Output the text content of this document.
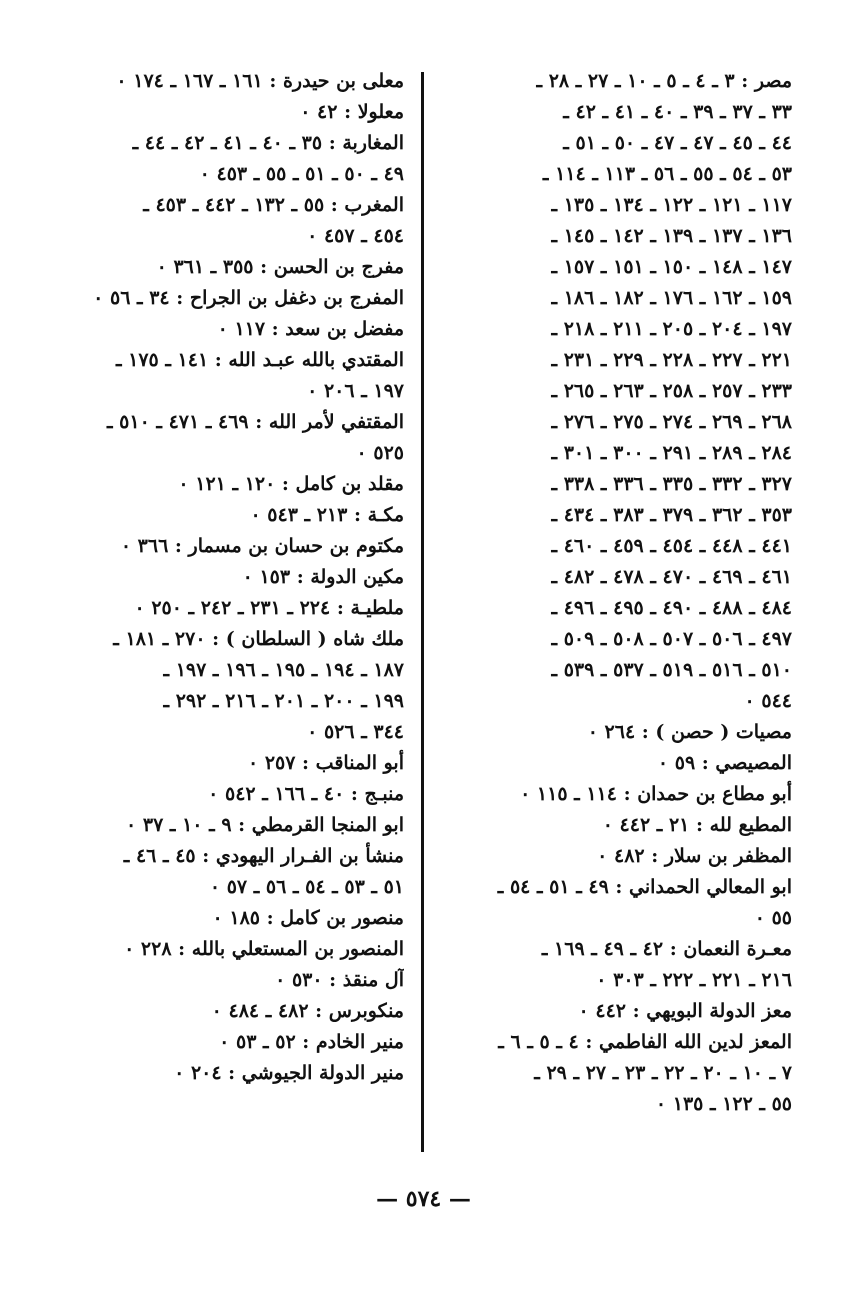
مصر : ٣ ـ ٤ ـ ٥ ـ ١٠ ـ ٢٧ ـ ٢٨ ـ
٣٣ ـ ٣٧ ـ ٣٩ ـ ٤٠ ـ ٤١ ـ ٤٢ ـ
٤٤ ـ ٤٥ ـ ٤٧ ـ ٤٧ ـ ٥٠ ـ ٥١ ـ
٥٣ ـ ٥٤ ـ ٥٥ ـ ٥٦ ـ ١١٣ ـ ١١٤ ـ
١١٧ ـ ١٢١ ـ ١٢٢ ـ ١٣٤ ـ ١٣٥ ـ
١٣٦ ـ ١٣٧ ـ ١٣٩ ـ ١٤٢ ـ ١٤٥ ـ
١٤٧ ـ ١٤٨ ـ ١٥٠ ـ ١٥١ ـ ١٥٧ ـ
١٥٩ ـ ١٦٢ ـ ١٧٦ ـ ١٨٢ ـ ١٨٦ ـ
١٩٧ ـ ٢٠٤ ـ ٢٠٥ ـ ٢١١ ـ ٢١٨ ـ
٢٢١ ـ ٢٢٧ ـ ٢٢٨ ـ ٢٢٩ ـ ٢٣١ ـ
٢٣٣ ـ ٢٥٧ ـ ٢٥٨ ـ ٢٦٣ ـ ٢٦٥ ـ
٢٦٨ ـ ٢٦٩ ـ ٢٧٤ ـ ٢٧٥ ـ ٢٧٦ ـ
٢٨٤ ـ ٢٨٩ ـ ٢٩١ ـ ٣٠٠ ـ ٣٠١ ـ
٣٢٧ ـ ٣٣٢ ـ ٣٣٥ ـ ٣٣٦ ـ ٣٣٨ ـ
٣٥٣ ـ ٣٦٢ ـ ٣٧٩ ـ ٣٨٣ ـ ٤٣٤ ـ
٤٤١ ـ ٤٤٨ ـ ٤٥٤ ـ ٤٥٩ ـ ٤٦٠ ـ
٤٦١ ـ ٤٦٩ ـ ٤٧٠ ـ ٤٧٨ ـ ٤٨٢ ـ
٤٨٤ ـ ٤٨٨ ـ ٤٩٠ ـ ٤٩٥ ـ ٤٩٦ ـ
٤٩٧ ـ ٥٠٦ ـ ٥٠٧ ـ ٥٠٨ ـ ٥٠٩ ـ
٥١٠ ـ ٥١٦ ـ ٥١٩ ـ ٥٣٧ ـ ٥٣٩ ـ
٥٤٤ ٠
مصيات ( حصن ) : ٢٦٤ ٠
المصيصي : ٥٩ ٠
أبو مطاع بن حمدان : ١١٤ ـ ١١٥ ٠
المطيع لله : ٢١ ـ ٤٤٢ ٠
المظفر بن سلار : ٤٨٢ ٠
ابو المعالي الحمداني : ٤٩ ـ ٥١ ـ ٥٤ ـ
٥٥ ٠
معـرة النعمان : ٤٢ ـ ٤٩ ـ ١٦٩ ـ
٢١٦ ـ ٢٢١ ـ ٢٢٢ ـ ٣٠٣ ٠
معز الدولة البويهي : ٤٤٢ ٠
المعز لدين الله الفاطمي : ٤ ـ ٥ ـ ٦ ـ
٧ ـ ١٠ ـ ٢٠ ـ ٢٢ ـ ٢٣ ـ ٢٧ ـ ٢٩ ـ
٥٥ ـ ١٢٢ ـ ١٣٥ ٠
معلى بن حيدرة : ١٦١ ـ ١٦٧ ـ ١٧٤ ٠
معلولا : ٤٢ ٠
المغاربة : ٣٥ ـ ٤٠ ـ ٤١ ـ ٤٢ ـ ٤٤ ـ
٤٩ ـ ٥٠ ـ ٥١ ـ ٥٥ ـ ٤٥٣ ٠
المغرب : ٥٥ ـ ١٣٢ ـ ٤٤٢ ـ ٤٥٣ ـ
٤٥٤ ـ ٤٥٧ ٠
مفرج بن الحسن : ٣٥٥ ـ ٣٦١ ٠
المفرج بن دغفل بن الجراح : ٣٤ ـ ٥٦ ٠
مفضل بن سعد : ١١٧ ٠
المقتدي بالله عبـد الله : ١٤١ ـ ١٧٥ ـ
١٩٧ ـ ٢٠٦ ٠
المقتفي لأمر الله : ٤٦٩ ـ ٤٧١ ـ ٥١٠ ـ
٥٢٥ ٠
مقلد بن كامل : ١٢٠ ـ ١٢١ ٠
مكـة : ٢١٣ ـ ٥٤٣ ٠
مكتوم بن حسان بن مسمار : ٣٦٦ ٠
مكين الدولة : ١٥٣ ٠
ملطيـة : ٢٢٤ ـ ٢٣١ ـ ٢٤٢ ـ ٢٥٠ ٠
ملك شاه ( السلطان ) : ٢٧٠ ـ ١٨١ ـ
١٨٧ ـ ١٩٤ ـ ١٩٥ ـ ١٩٦ ـ ١٩٧ ـ
١٩٩ ـ ٢٠٠ ـ ٢٠١ ـ ٢١٦ ـ ٢٩٢ ـ
٣٤٤ ـ ٥٢٦ ٠
أبو المناقب : ٢٥٧ ٠
منبـج : ٤٠ ـ ١٦٦ ـ ٥٤٢ ٠
ابو المنجا القرمطي : ٩ ـ ١٠ ـ ٣٧ ٠
منشأ بن الفـرار اليهودي : ٤٥ ـ ٤٦ ـ
٥١ ـ ٥٣ ـ ٥٤ ـ ٥٦ ـ ٥٧ ٠
منصور بن كامل : ١٨٥ ٠
المنصور بن المستعلي بالله : ٢٢٨ ٠
آل منقذ : ٥٣٠ ٠
منكوبرس : ٤٨٢ ـ ٤٨٤ ٠
منير الخادم : ٥٢ ـ ٥٣ ٠
منير الدولة الجيوشي : ٢٠٤ ٠
— ٥٧٤ —
